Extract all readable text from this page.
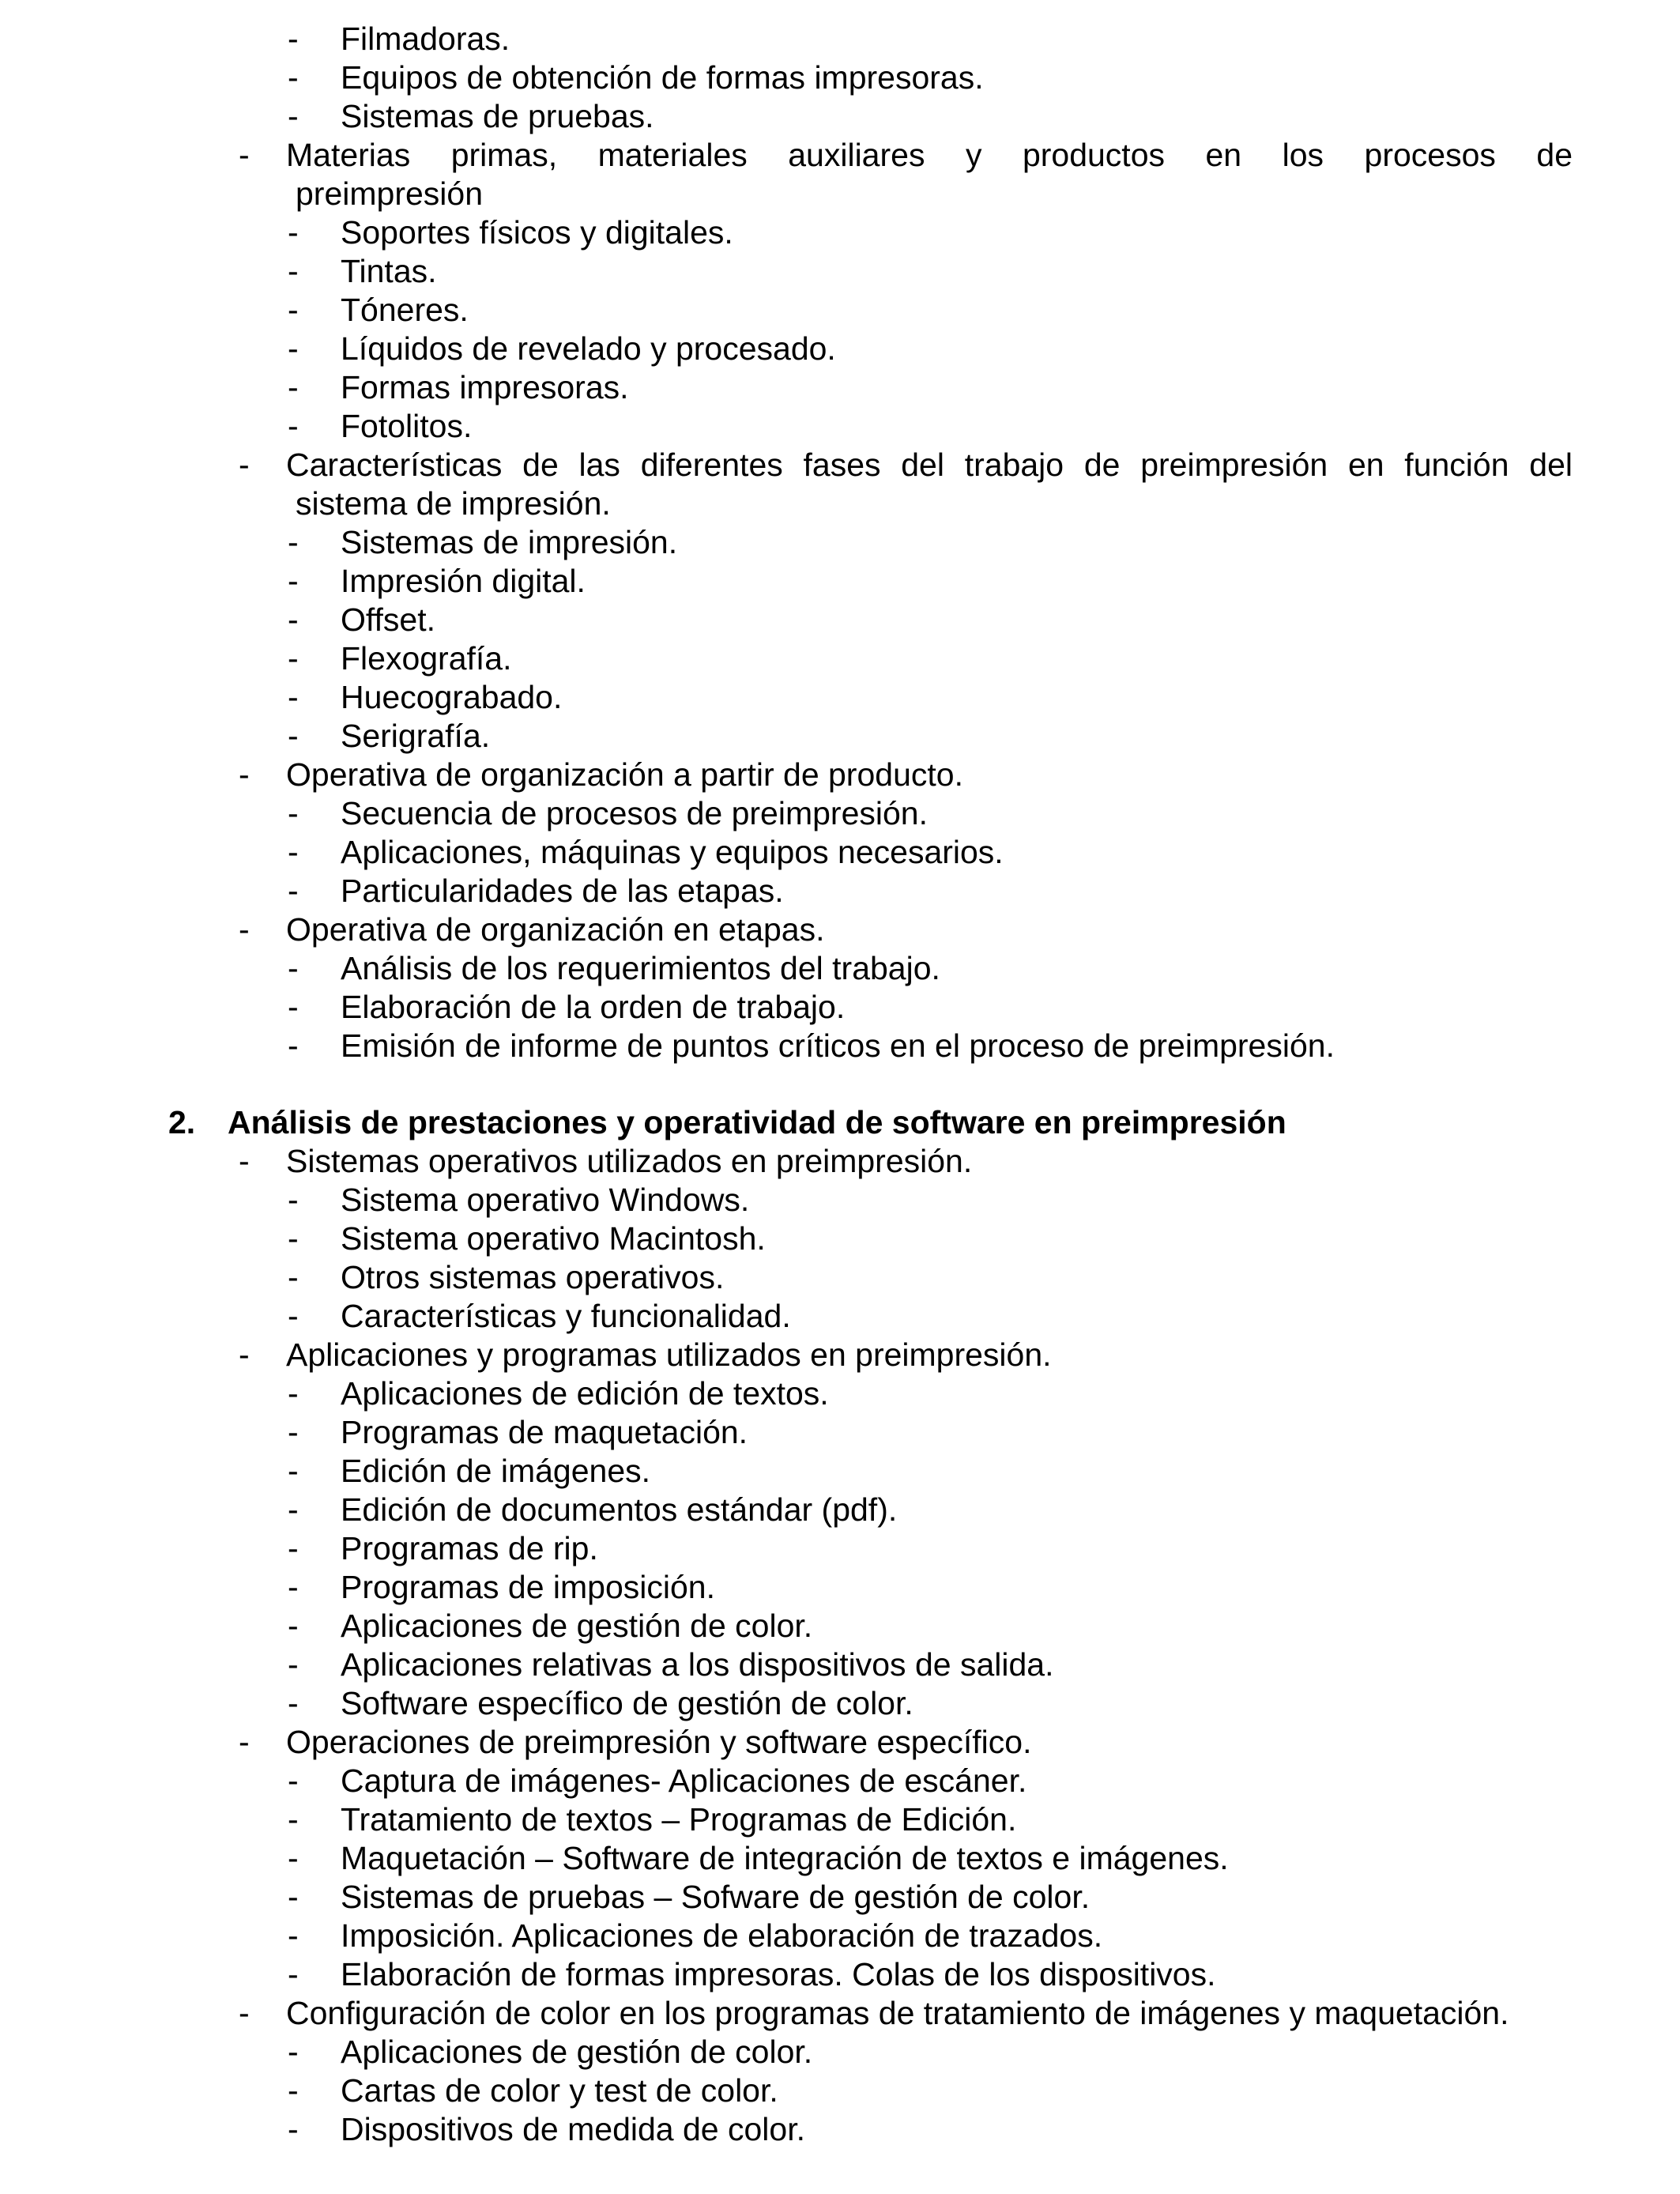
-	Filmadoras.
-	Equipos de obtención de formas impresoras.
-	Sistemas de pruebas.
-	Materias primas, materiales auxiliares y productos en los procesos de
preimpresión
-	Soportes físicos y digitales.
-	Tintas.
-	Tóneres.
-	Líquidos de revelado y procesado.
-	Formas impresoras.
-	Fotolitos.
-	Características de las diferentes fases del trabajo de preimpresión en función del
sistema de impresión.
-	Sistemas de impresión.
-	Impresión digital.
-	Offset.
-	Flexografía.
-	Huecograbado.
-	Serigrafía.
-	Operativa de organización a partir de producto.
-	Secuencia de procesos de preimpresión.
-	Aplicaciones, máquinas y equipos necesarios.
-	Particularidades de las etapas.
-	Operativa de organización en etapas.
-	Análisis de los requerimientos del trabajo.
-	Elaboración de la orden de trabajo.
-	Emisión de informe de puntos críticos en el proceso de preimpresión.
2. Análisis de prestaciones y operatividad de software en preimpresión
-	Sistemas operativos utilizados en preimpresión.
-	Sistema operativo Windows.
-	Sistema operativo Macintosh.
-	Otros sistemas operativos.
-	Características y funcionalidad.
-	Aplicaciones y programas utilizados en preimpresión.
-	Aplicaciones de edición de textos.
-	Programas de maquetación.
-	Edición de imágenes.
-	Edición de documentos estándar (pdf).
-	Programas de rip.
-	Programas de imposición.
-	Aplicaciones de gestión de color.
-	Aplicaciones relativas a los dispositivos de salida.
-	Software específico de gestión de color.
-	Operaciones de preimpresión y software específico.
-	Captura de imágenes- Aplicaciones de escáner.
-	Tratamiento de textos – Programas de Edición.
-	Maquetación – Software de integración de textos e imágenes.
-	Sistemas de pruebas – Sofware de gestión de color.
-	Imposición. Aplicaciones de elaboración de trazados.
-	Elaboración de formas impresoras. Colas de los dispositivos.
-	Configuración de color en los programas de tratamiento de imágenes y maquetación.
-	Aplicaciones de gestión de color.
-	Cartas de color y test de color.
-	Dispositivos de medida de color.
